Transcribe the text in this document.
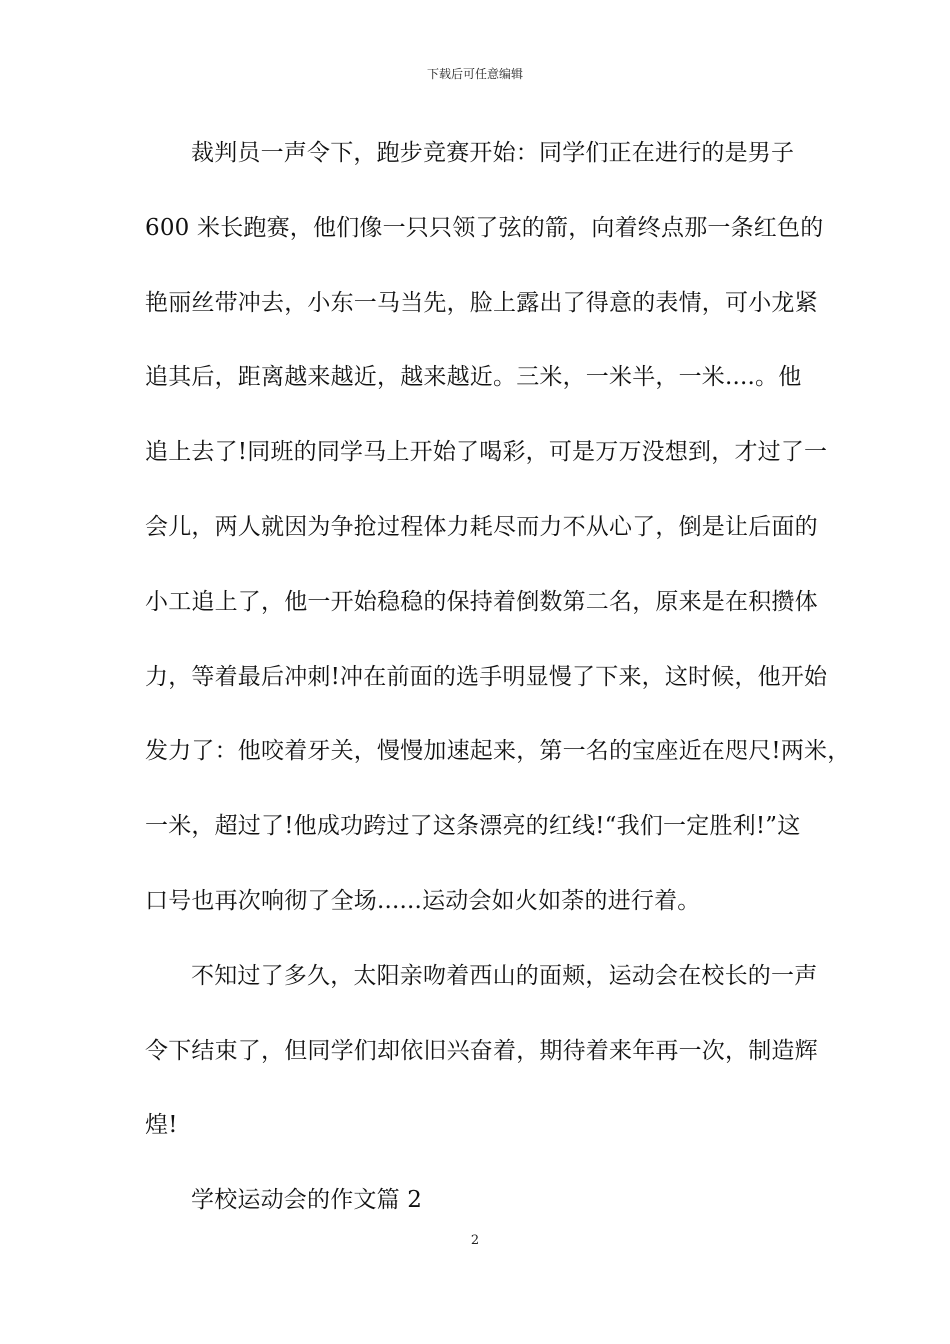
下载后可任意编辑
裁判员一声令下，跑步竞赛开始：同学们正在进行的是男子
600 米长跑赛，他们像一只只领了弦的箭，向着终点那一条红色的
艳丽丝带冲去，小东一马当先，脸上露出了得意的表情，可小龙紧
追其后，距离越来越近，越来越近。三米，一米半，一米....。他
追上去了!同班的同学马上开始了喝彩，可是万万没想到，才过了一
会儿，两人就因为争抢过程体力耗尽而力不从心了，倒是让后面的
小工追上了，他一开始稳稳的保持着倒数第二名，原来是在积攒体
力，等着最后冲刺!冲在前面的选手明显慢了下来，这时候，他开始
发力了：他咬着牙关，慢慢加速起来，第一名的宝座近在咫尺!两米，
一米，超过了!他成功跨过了这条漂亮的红线!“我们一定胜利!”这
口号也再次响彻了全场......运动会如火如荼的进行着。
不知过了多久，太阳亲吻着西山的面颊，运动会在校长的一声
令下结束了，但同学们却依旧兴奋着，期待着来年再一次，制造辉
煌!
学校运动会的作文篇 2
2
